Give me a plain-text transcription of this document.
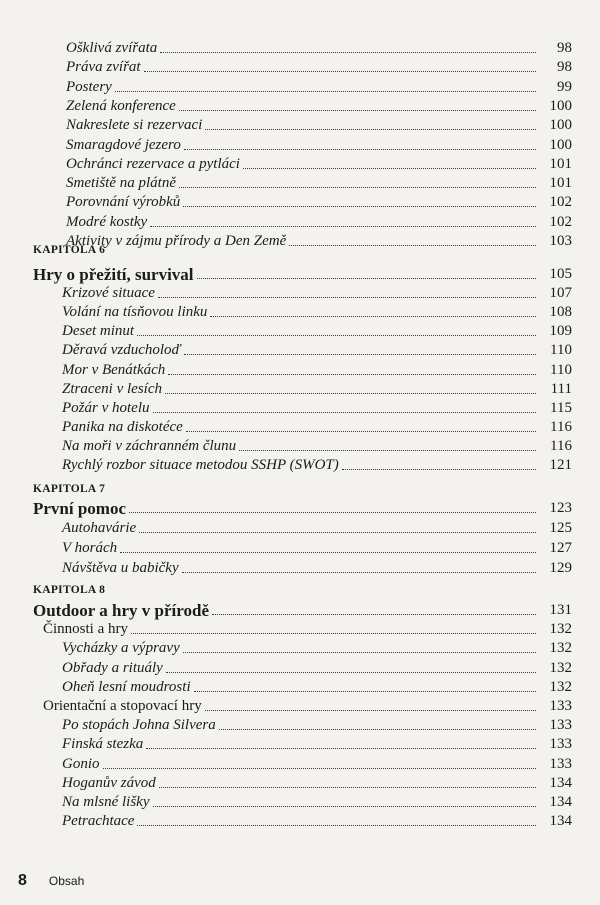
Ošklivá zvířata	98
Práva zvířat	98
Postery	99
Zelená konference	100
Nakreslete si rezervaci	100
Smaragdové jezero	100
Ochránci rezervace a pytláci	101
Smetiště na plátně	101
Porovnání výrobků	102
Modré kostky	102
Aktivity v zájmu přírody a Den Země	103
KAPITOLA 6
Hry o přežití, survival	105
Krizové situace	107
Volání na tísňovou linku	108
Deset minut	109
Děravá vzducholoď	110
Mor v Benátkách	110
Ztraceni v lesích	111
Požár v hotelu	115
Panika na diskotéce	116
Na moři v záchranném člunu	116
Rychlý rozbor situace metodou SSHP (SWOT)	121
KAPITOLA 7
První pomoc	123
Autohavárie	125
V horách	127
Návštěva u babičky	129
KAPITOLA 8
Outdoor a hry v přírodě	131
Činnosti a hry	132
Vycházky a výpravy	132
Obřady a rituály	132
Oheň lesní moudrosti	132
Orientační a stopovací hry	133
Po stopách Johna Silvera	133
Finská stezka	133
Gonio	133
Hoganův závod	134
Na mlsné lišky	134
Petrachtace	134
8 Obsah
